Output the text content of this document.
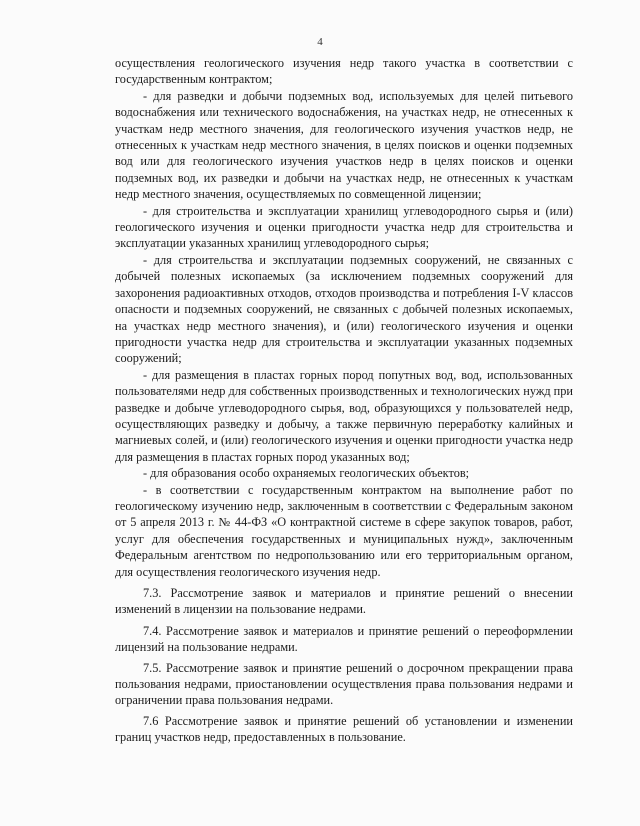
4

осуществления геологического изучения недр такого участка в соответствии с государственным контрактом;

- для разведки и добычи подземных вод, используемых для целей питьевого водоснабжения или технического водоснабжения, на участках недр, не отнесенных к участкам недр местного значения, для геологического изучения участков недр, не отнесенных к участкам недр местного значения, в целях поисков и оценки подземных вод или для геологического изучения участков недр в целях поисков и оценки подземных вод, их разведки и добычи на участках недр, не отнесенных к участкам недр местного значения, осуществляемых по совмещенной лицензии;

- для строительства и эксплуатации хранилищ углеводородного сырья и (или) геологического изучения и оценки пригодности участка недр для строительства и эксплуатации указанных хранилищ углеводородного сырья;

- для строительства и эксплуатации подземных сооружений, не связанных с добычей полезных ископаемых (за исключением подземных сооружений для захоронения радиоактивных отходов, отходов производства и потребления I-V классов опасности и подземных сооружений, не связанных с добычей полезных ископаемых, на участках недр местного значения), и (или) геологического изучения и оценки пригодности участка недр для строительства и эксплуатации указанных подземных сооружений;

- для размещения в пластах горных пород попутных вод, вод, использованных пользователями недр для собственных производственных и технологических нужд при разведке и добыче углеводородного сырья, вод, образующихся у пользователей недр, осуществляющих разведку и добычу, а также первичную переработку калийных и магниевых солей, и (или) геологического изучения и оценки пригодности участка недр для размещения в пластах горных пород указанных вод;

- для образования особо охраняемых геологических объектов;

- в соответствии с государственным контрактом на выполнение работ по геологическому изучению недр, заключенным в соответствии с Федеральным законом от 5 апреля 2013 г. № 44-ФЗ «О контрактной системе в сфере закупок товаров, работ, услуг для обеспечения государственных и муниципальных нужд», заключенным Федеральным агентством по недропользованию или его территориальным органом, для осуществления геологического изучения недр.

7.3. Рассмотрение заявок и материалов и принятие решений о внесении изменений в лицензии на пользование недрами.

7.4. Рассмотрение заявок и материалов и принятие решений о переоформлении лицензий на пользование недрами.

7.5. Рассмотрение заявок и принятие решений о досрочном прекращении права пользования недрами, приостановлении осуществления права пользования недрами и ограничении права пользования недрами.

7.6 Рассмотрение заявок и принятие решений об установлении и изменении границ участков недр, предоставленных в пользование.
